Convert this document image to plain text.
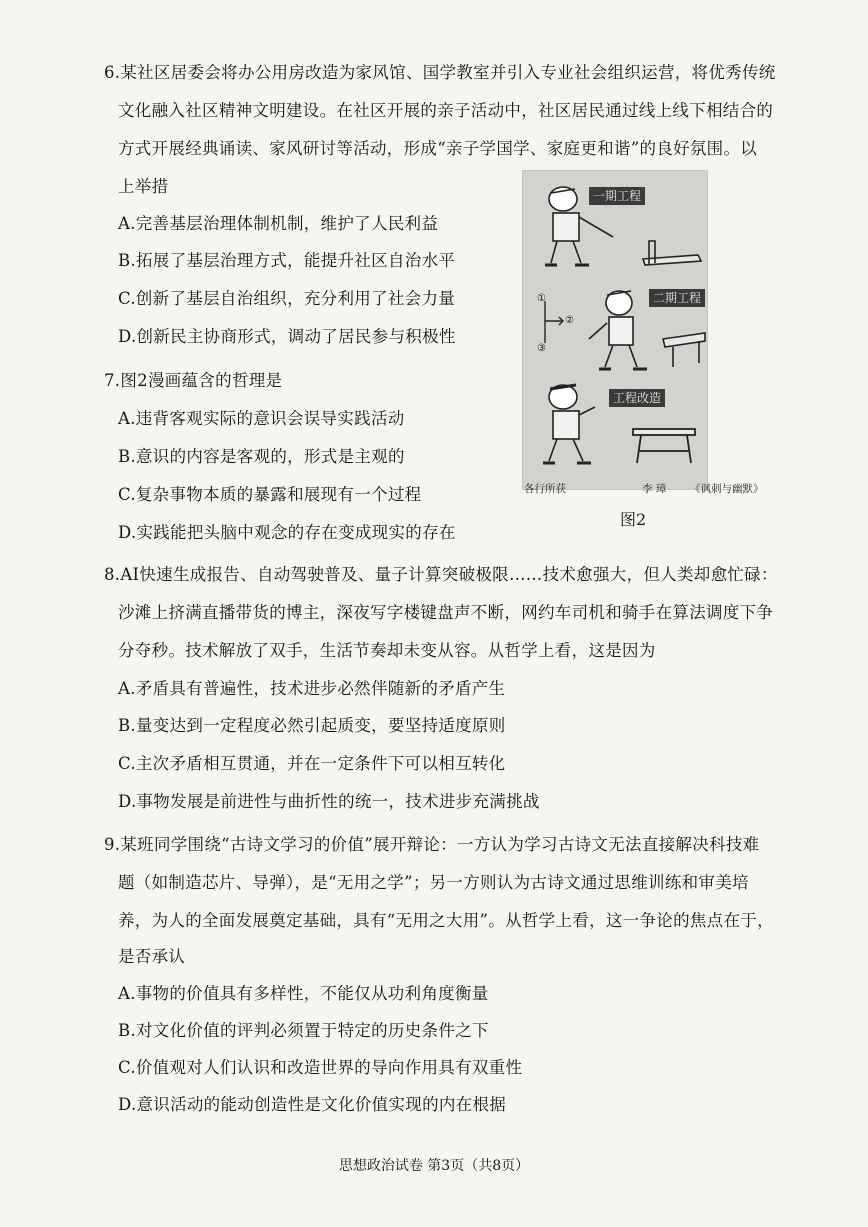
6.某社区居委会将办公用房改造为家风馆、国学教室并引入专业社会组织运营，将优秀传统
文化融入社区精神文明建设。在社区开展的亲子活动中，社区居民通过线上线下相结合的
方式开展经典诵读、家风研讨等活动，形成“亲子学国学、家庭更和谐”的良好氛围。以
上举措
A.完善基层治理体制机制，维护了人民利益
B.拓展了基层治理方式，能提升社区自治水平
C.创新了基层自治组织，充分利用了社会力量
D.创新民主协商形式，调动了居民参与积极性
7.图2漫画蕴含的哲理是
A.违背客观实际的意识会误导实践活动
B.意识的内容是客观的，形式是主观的
C.复杂事物本质的暴露和展现有一个过程
D.实践能把头脑中观念的存在变成现实的存在
一期工程
二期工程
工程改造
①
②
③
各行所获	李 璋 《讽刺与幽默》
图2
8.AI快速生成报告、自动驾驶普及、量子计算突破极限……技术愈强大，但人类却愈忙碌：
沙滩上挤满直播带货的博主，深夜写字楼键盘声不断，网约车司机和骑手在算法调度下争
分夺秒。技术解放了双手，生活节奏却未变从容。从哲学上看，这是因为
A.矛盾具有普遍性，技术进步必然伴随新的矛盾产生
B.量变达到一定程度必然引起质变，要坚持适度原则
C.主次矛盾相互贯通，并在一定条件下可以相互转化
D.事物发展是前进性与曲折性的统一，技术进步充满挑战
9.某班同学围绕“古诗文学习的价值”展开辩论：一方认为学习古诗文无法直接解决科技难
题（如制造芯片、导弹），是“无用之学”；另一方则认为古诗文通过思维训练和审美培
养，为人的全面发展奠定基础，具有“无用之大用”。从哲学上看，这一争论的焦点在于，
是否承认
A.事物的价值具有多样性，不能仅从功利角度衡量
B.对文化价值的评判必须置于特定的历史条件之下
C.价值观对人们认识和改造世界的导向作用具有双重性
D.意识活动的能动创造性是文化价值实现的内在根据
思想政治试卷 第3页（共8页）
